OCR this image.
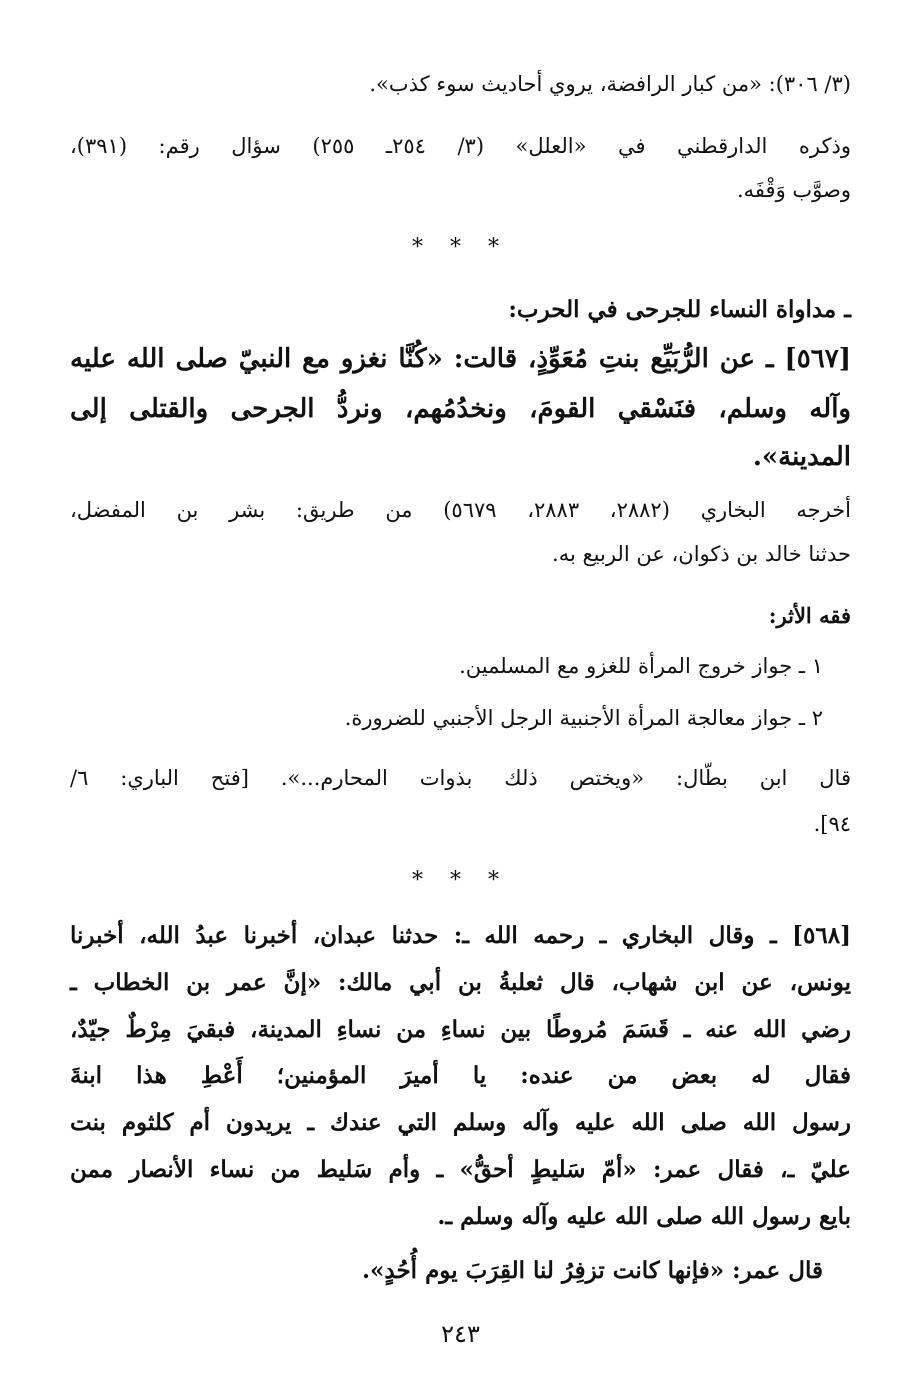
(٣/ ٣٠٦): «من كبار الرافضة، يروي أحاديث سوء كذب».
وذكره الدارقطني في «العلل» (٣/ ٢٥٤ـ ٢٥٥) سؤال رقم: (٣٩١)،
وصوَّب وَقْفَه.
* * *
ـ مداواة النساء للجرحى في الحرب:
[٥٦٧] ـ عن الرُّبَيِّع بنتِ مُعَوِّذٍ، قالت: «كُنَّا نغزو مع النبيّ صلى الله عليه
وآله وسلم، فنَسْقي القومَ، ونخدُمُهم، ونردُّ الجرحى والقتلى إلى
المدينة».
أخرجه البخاري (٢٨٨٢، ٢٨٨٣، ٥٦٧٩) من طريق: بشر بن المفضل،
حدثنا خالد بن ذكوان، عن الربيع به.
فقه الأثر:
١ ـ جواز خروج المرأة للغزو مع المسلمين.
٢ ـ جواز معالجة المرأة الأجنبية الرجل الأجنبي للضرورة.
قال ابن بطّال: «ويختص ذلك بذوات المحارم...». [فتح الباري: ٦/
٩٤].
* * *
[٥٦٨] ـ وقال البخاري ـ رحمه الله ـ: حدثنا عبدان، أخبرنا عبدُ الله، أخبرنا
يونس، عن ابن شهاب، قال ثعلبةُ بن أبي مالك: «إنَّ عمر بن الخطاب ـ
رضي الله عنه ـ قَسَمَ مُروطًا بين نساءِ من نساءِ المدينة، فبقيَ مِرْطٌ جيّدٌ،
فقال له بعض من عنده: يا أميرَ المؤمنين؛ أَعْطِ هذا ابنةَ
رسول الله صلى الله عليه وآله وسلم التي عندك ـ يريدون أم كلثوم بنت
عليّ ـ، فقال عمر: «أمّ سَليطٍ أحقُّ» ـ وأم سَليط من نساء الأنصار ممن
بايع رسول الله صلى الله عليه وآله وسلم ـ.
قال عمر: «فإنها كانت تزفِرُ لنا القِرَبَ يوم أُحُدٍ».
٢٤٣
